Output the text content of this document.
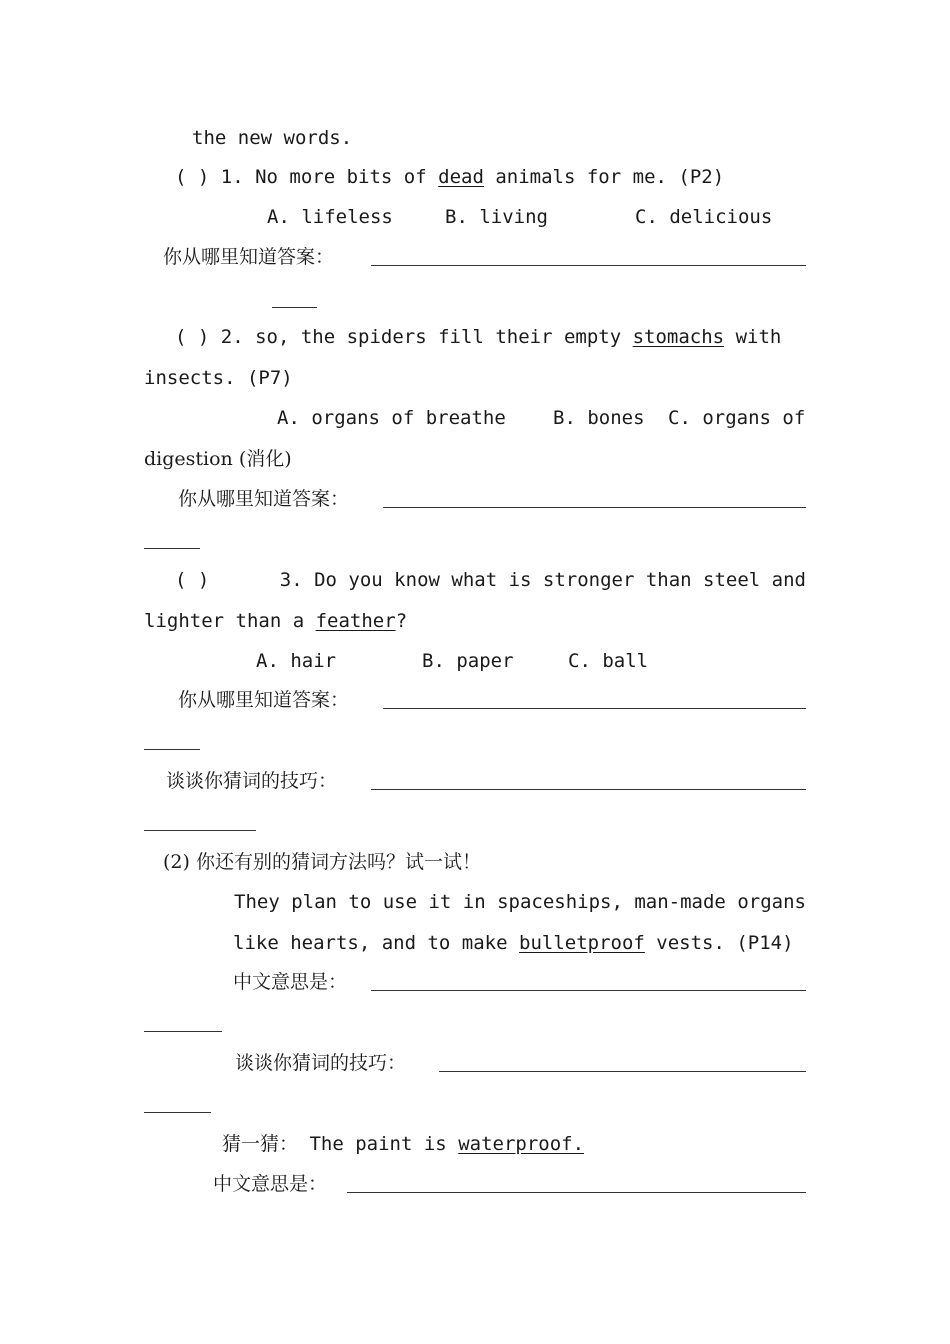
the new words.
( ) 1. No more bits of dead animals for me. (P2)
A. lifeless	B. living	C. delicious
你从哪里知道答案：
( ) 2. so, the spiders fill their empty stomachs with
insects. (P7)
A. organs of breathe B. bones C. organs of
digestion (消化)
你从哪里知道答案：
( )	3. Do you know what is stronger than steel and
lighter than a feather?
A. hair	B. paper	C. ball
你从哪里知道答案：
谈谈你猜词的技巧：
(2) 你还有别的猜词方法吗？试一试！
They plan to use it in spaceships, man-made organs
like hearts, and to make bulletproof vests. (P14)
中文意思是：
谈谈你猜词的技巧：
猜一猜： The paint is waterproof.
中文意思是：
